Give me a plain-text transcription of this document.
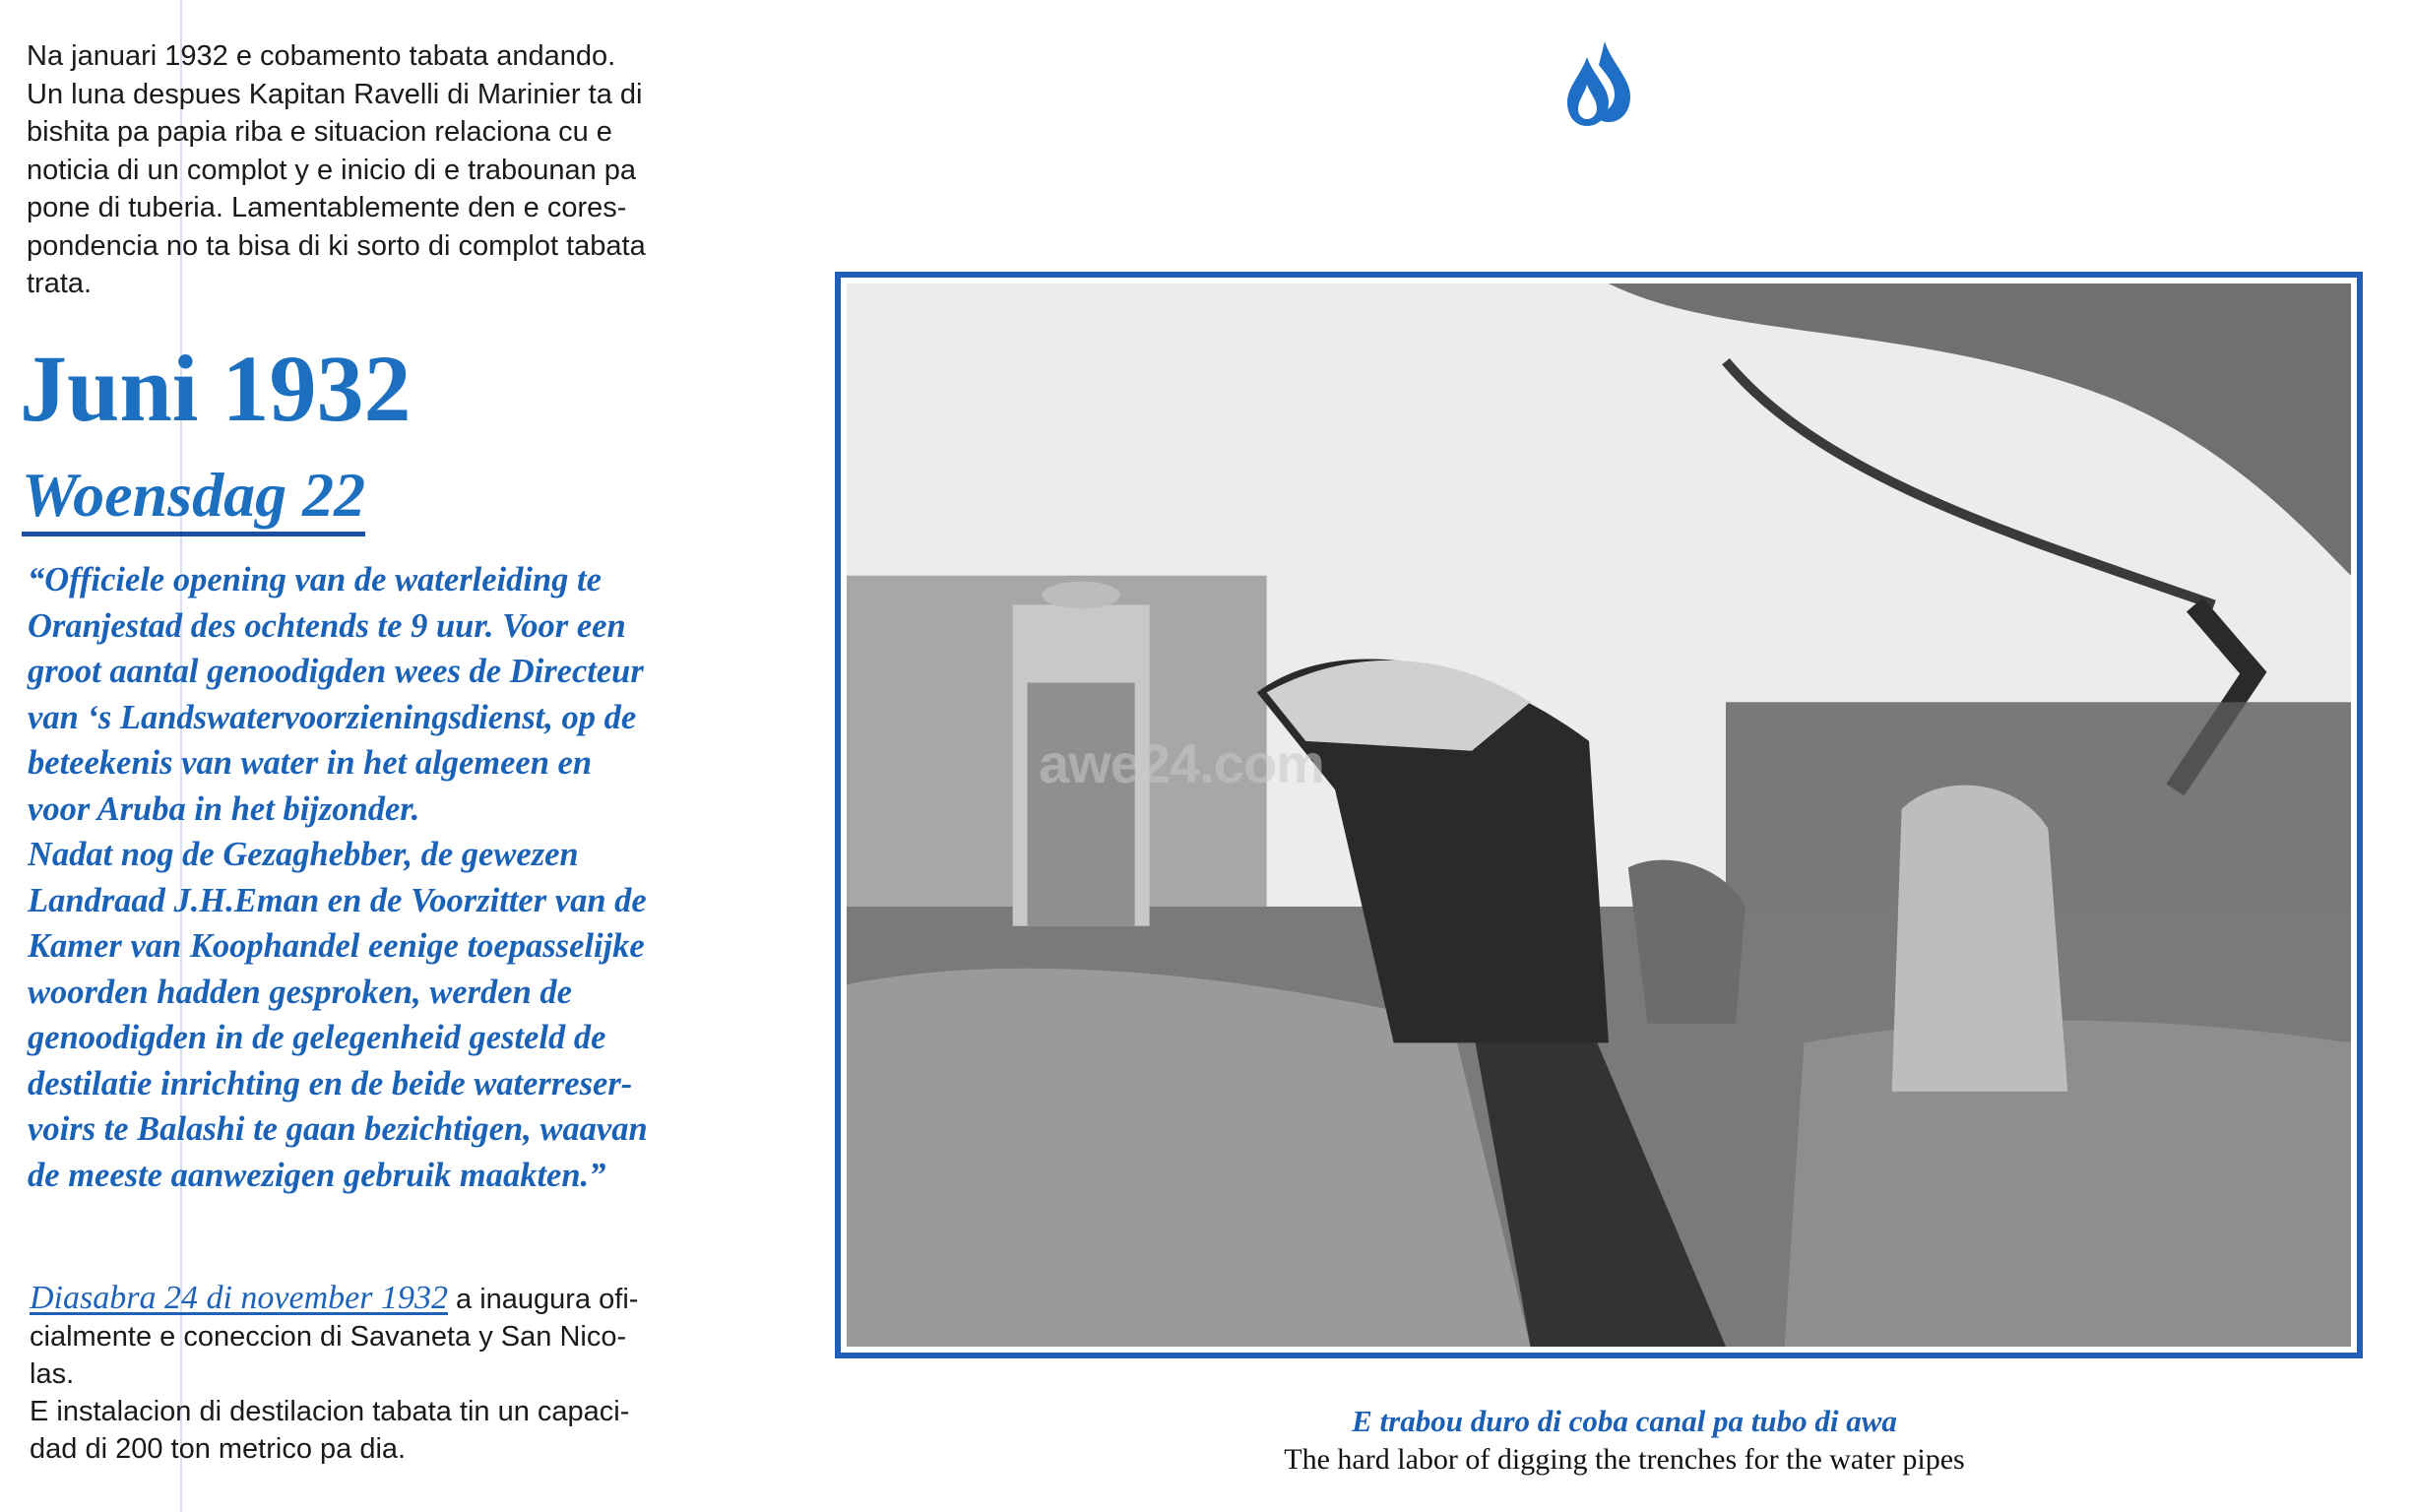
Na januari 1932 e cobamento tabata andando.

Un luna despues Kapitan Ravelli di Marinier ta di

bishita pa papia riba e situacion relaciona cu e

noticia di un complot y e inicio di e trabounan pa

pone di tuberia. Lamentablemente den e cores-

pondencia no ta bisa di ki sorto di complot tabata

trata.

Juni 1932
Woensdag 22

“Officiele opening van de waterleiding te

Oranjestad des ochtends te 9 uur. Voor een

groot aantal genoodigden wees de Directeur

van ‘s Landswatervoorzieningsdienst, op de

beteekenis van water in het algemeen en

voor Aruba in het bijzonder.

Nadat nog de Gezaghebber, de gewezen

Landraad J.H.Eman en de Voorzitter van de

Kamer van Koophandel eenige toepasselijke

woorden hadden gesproken, werden de

genoodigden in de gelegenheid gesteld de

destilatie inrichting en de beide waterreser-

voirs te Balashi te gaan bezichtigen, waavan

de meeste aanwezigen gebruik maakten.”

Diasabra 24 di november 1932 a inaugura ofi-

cialmente e coneccion di Savaneta y San Nico-

las.

E instalacion di destilacion tabata tin un capaci-

dad di 200 ton metrico pa dia.

awe24.com

E trabou duro di coba canal pa tubo di awa

The hard labor of digging the trenches for the water pipes
